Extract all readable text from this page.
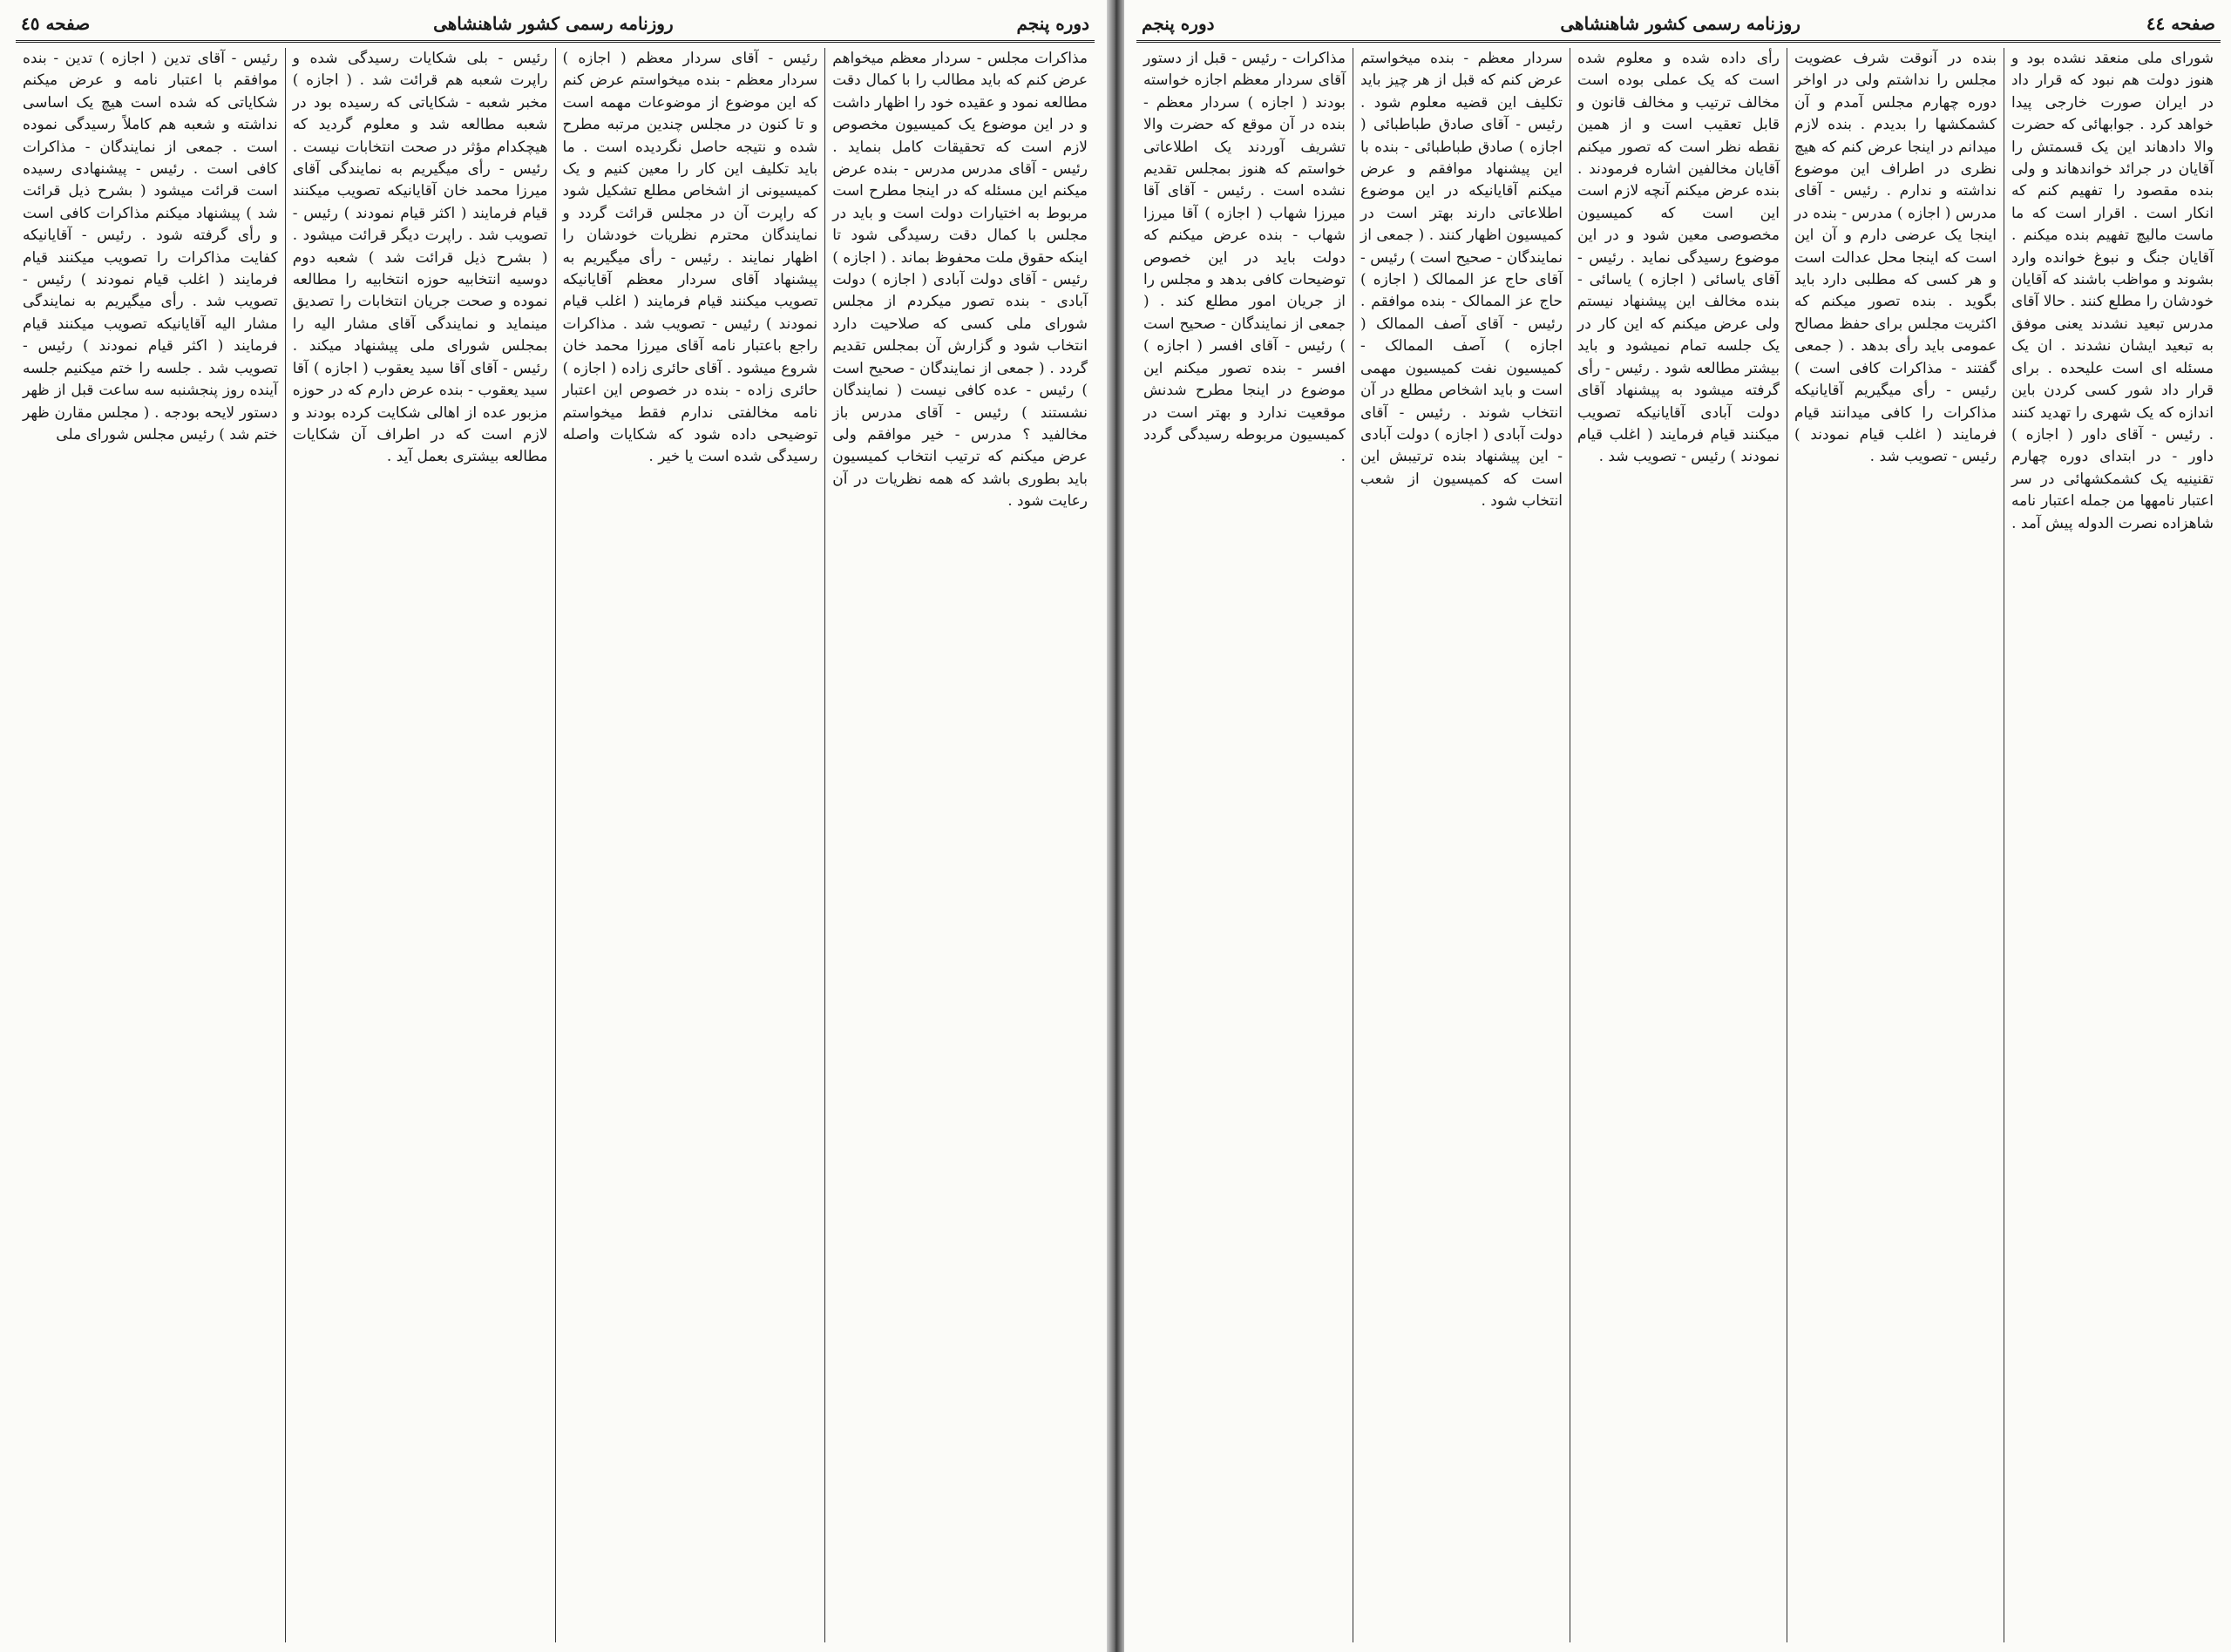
دوره پنجم
روزنامه رسمی کشور شاهنشاهی
صفحه ٤٥

مذاکرات مجلس - سردار معظم میخواهم عرض کنم که باید مطالب را با کمال دقت مطالعه نمود و عقیده خود را اظهار داشت و در این موضوع یک کمیسیون مخصوص لازم است که تحقیقات کامل بنماید . رئیس - آقای مدرس مدرس - بنده عرض میکنم این مسئله که در اینجا مطرح است مربوط به اختیارات دولت است و باید در مجلس با کمال دقت رسیدگی شود تا اینکه حقوق ملت محفوظ بماند . ( اجازه ) رئیس - آقای دولت آبادی ( اجازه ) دولت آبادی - بنده تصور میکردم از مجلس شورای ملی کسی که صلاحیت دارد انتخاب شود و گزارش آن بمجلس تقدیم گردد . ( جمعی از نمایندگان - صحیح است ) رئیس - عده کافی نیست ( نمایندگان نشستند ) رئیس - آقای مدرس باز مخالفید ؟ مدرس - خیر موافقم ولی عرض میکنم که ترتیب انتخاب کمیسیون باید بطوری باشد که همه نظریات در آن رعایت شود .

رئیس - آقای سردار معظم ( اجازه ) سردار معظم - بنده میخواستم عرض کنم که این موضوع از موضوعات مهمه است و تا کنون در مجلس چندین مرتبه مطرح شده و نتیجه حاصل نگردیده است . ما باید تکلیف این کار را معین کنیم و یک کمیسیونی از اشخاص مطلع تشکیل شود که راپرت آن در مجلس قرائت گردد و نمایندگان محترم نظریات خودشان را اظهار نمایند . رئیس - رأی میگیریم به پیشنهاد آقای سردار معظم آقایانیکه تصویب میکنند قیام فرمایند ( اغلب قیام نمودند ) رئیس - تصویب شد . مذاکرات راجع باعتبار نامه آقای میرزا محمد خان شروع میشود . آقای حائری زاده ( اجازه ) حائری زاده - بنده در خصوص این اعتبار نامه مخالفتی ندارم فقط میخواستم توضیحی داده شود که شکایات واصله رسیدگی شده است یا خیر .

رئیس - بلی شکایات رسیدگی شده و راپرت شعبه هم قرائت شد . ( اجازه ) مخبر شعبه - شکایاتی که رسیده بود در شعبه مطالعه شد و معلوم گردید که هیچکدام مؤثر در صحت انتخابات نیست . رئیس - رأی میگیریم به نمایندگی آقای میرزا محمد خان آقایانیکه تصویب میکنند قیام فرمایند ( اکثر قیام نمودند ) رئیس - تصویب شد . راپرت دیگر قرائت میشود . ( بشرح ذیل قرائت شد ) شعبه دوم دوسیه انتخابیه حوزه انتخابیه را مطالعه نموده و صحت جریان انتخابات را تصدیق مینماید و نمایندگی آقای مشار الیه را بمجلس شورای ملی پیشنهاد میکند . رئیس - آقای آقا سید یعقوب ( اجازه ) آقا سید یعقوب - بنده عرض دارم که در حوزه مزبور عده از اهالی شکایت کرده بودند و لازم است که در اطراف آن شکایات مطالعه بیشتری بعمل آید .

رئیس - آقای تدین ( اجازه ) تدین - بنده موافقم با اعتبار نامه و عرض میکنم شکایاتی که شده است هیچ یک اساسی نداشته و شعبه هم کاملاً رسیدگی نموده است . جمعی از نمایندگان - مذاکرات کافی است . رئیس - پیشنهادی رسیده است قرائت میشود ( بشرح ذیل قرائت شد ) پیشنهاد میکنم مذاکرات کافی است و رأی گرفته شود . رئیس - آقایانیکه کفایت مذاکرات را تصویب میکنند قیام فرمایند ( اغلب قیام نمودند ) رئیس - تصویب شد . رأی میگیریم به نمایندگی مشار الیه آقایانیکه تصویب میکنند قیام فرمایند ( اکثر قیام نمودند ) رئیس - تصویب شد . جلسه را ختم میکنیم جلسه آینده روز پنجشنبه سه ساعت قبل از ظهر دستور لایحه بودجه . ( مجلس مقارن ظهر ختم شد ) رئیس مجلس شورای ملی

صفحه ٤٤
روزنامه رسمی کشور شاهنشاهی
دوره پنجم

شورای ملی منعقد نشده بود و هنوز دولت هم نبود که قرار داد در ایران صورت خارجی پیدا خواهد کرد . جوابهائی که حضرت والا دادهاند این یک قسمتش را آقایان در جرائد خواندهاند و ولی بنده مقصود را تفهیم کنم که انکار است . اقرار است که ما ماست مالیچ تفهیم بنده میکنم . آقایان جنگ و نبوغ خوانده وارد بشوند و مواظب باشند که آقایان خودشان را مطلع کنند . حالا آقای مدرس تبعید نشدند یعنی موفق به تبعید ایشان نشدند . ان یک مسئله ای است علیحده . برای قرار داد شور کسی کردن باین اندازه که یک شهری را تهدید کنند . رئیس - آقای داور ( اجازه ) داور - در ابتدای دوره چهارم تقنینیه یک کشمکشهائی در سر اعتبار نامهها من جمله اعتبار نامه شاهزاده نصرت الدوله پیش آمد .

بنده در آنوقت شرف عضویت مجلس را نداشتم ولی در اواخر دوره چهارم مجلس آمدم و آن کشمکشها را بدیدم . بنده لازم میدانم در اینجا عرض کنم که هیچ نظری در اطراف این موضوع نداشته و ندارم . رئیس - آقای مدرس ( اجازه ) مدرس - بنده در اینجا یک عرضی دارم و آن این است که اینجا محل عدالت است و هر کسی که مطلبی دارد باید بگوید . بنده تصور میکنم که اکثریت مجلس برای حفظ مصالح عمومی باید رأی بدهد . ( جمعی گفتند - مذاکرات کافی است ) رئیس - رأی میگیریم آقایانیکه مذاکرات را کافی میدانند قیام فرمایند ( اغلب قیام نمودند ) رئیس - تصویب شد .

رأی داده شده و معلوم شده است که یک عملی بوده است مخالف ترتیب و مخالف قانون و قابل تعقیب است و از همین نقطه نظر است که تصور میکنم آقایان مخالفین اشاره فرمودند . بنده عرض میکنم آنچه لازم است این است که کمیسیون مخصوصی معین شود و در این موضوع رسیدگی نماید . رئیس - آقای یاسائی ( اجازه ) یاسائی - بنده مخالف این پیشنهاد نیستم ولی عرض میکنم که این کار در یک جلسه تمام نمیشود و باید بیشتر مطالعه شود . رئیس - رأی گرفته میشود به پیشنهاد آقای دولت آبادی آقایانیکه تصویب میکنند قیام فرمایند ( اغلب قیام نمودند ) رئیس - تصویب شد .

سردار معظم - بنده میخواستم عرض کنم که قبل از هر چیز باید تکلیف این قضیه معلوم شود . رئیس - آقای صادق طباطبائی ( اجازه ) صادق طباطبائی - بنده با این پیشنهاد موافقم و عرض میکنم آقایانیکه در این موضوع اطلاعاتی دارند بهتر است در کمیسیون اظهار کنند . ( جمعی از نمایندگان - صحیح است ) رئیس - آقای حاج عز الممالک ( اجازه ) حاج عز الممالک - بنده موافقم . رئیس - آقای آصف الممالک ( اجازه ) آصف الممالک - کمیسیون نفت کمیسیون مهمی است و باید اشخاص مطلع در آن انتخاب شوند . رئیس - آقای دولت آبادی ( اجازه ) دولت آبادی - این پیشنهاد بنده ترتیبش این است که کمیسیون از شعب انتخاب شود .

مذاکرات - رئیس - قبل از دستور آقای سردار معظم اجازه خواسته بودند ( اجازه ) سردار معظم - بنده در آن موقع که حضرت والا تشریف آوردند یک اطلاعاتی خواستم که هنوز بمجلس تقدیم نشده است . رئیس - آقای آقا میرزا شهاب ( اجازه ) آقا میرزا شهاب - بنده عرض میکنم که دولت باید در این خصوص توضیحات کافی بدهد و مجلس را از جریان امور مطلع کند . ( جمعی از نمایندگان - صحیح است ) رئیس - آقای افسر ( اجازه ) افسر - بنده تصور میکنم این موضوع در اینجا مطرح شدنش موقعیت ندارد و بهتر است در کمیسیون مربوطه رسیدگی گردد .
